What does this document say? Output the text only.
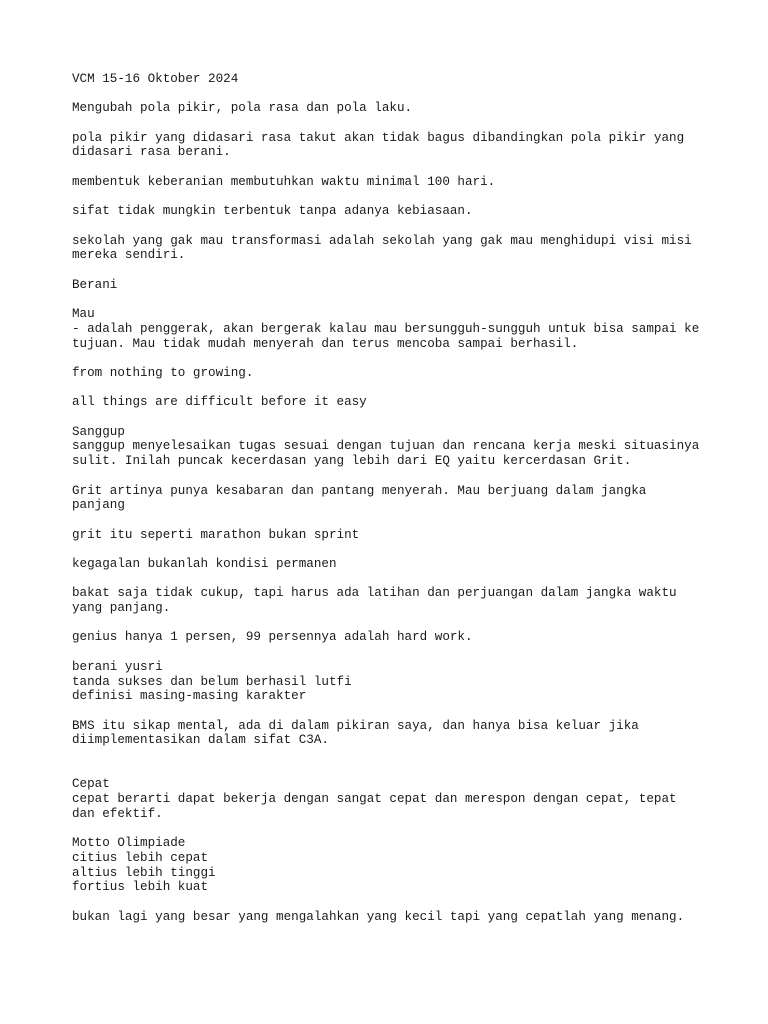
VCM 15-16 Oktober 2024

Mengubah pola pikir, pola rasa dan pola laku.

pola pikir yang didasari rasa takut akan tidak bagus dibandingkan pola pikir yang
didasari rasa berani.

membentuk keberanian membutuhkan waktu minimal 100 hari.

sifat tidak mungkin terbentuk tanpa adanya kebiasaan.

sekolah yang gak mau transformasi adalah sekolah yang gak mau menghidupi visi misi
mereka sendiri.

Berani

Mau
- adalah penggerak, akan bergerak kalau mau bersungguh-sungguh untuk bisa sampai ke
tujuan. Mau tidak mudah menyerah dan terus mencoba sampai berhasil.

from nothing to growing.

all things are difficult before it easy

Sanggup
sanggup menyelesaikan tugas sesuai dengan tujuan dan rencana kerja meski situasinya
sulit. Inilah puncak kecerdasan yang lebih dari EQ yaitu kercerdasan Grit.

Grit artinya punya kesabaran dan pantang menyerah. Mau berjuang dalam jangka
panjang

grit itu seperti marathon bukan sprint

kegagalan bukanlah kondisi permanen

bakat saja tidak cukup, tapi harus ada latihan dan perjuangan dalam jangka waktu
yang panjang.

genius hanya 1 persen, 99 persennya adalah hard work.

berani yusri
tanda sukses dan belum berhasil lutfi
definisi masing-masing karakter

BMS itu sikap mental, ada di dalam pikiran saya, dan hanya bisa keluar jika
diimplementasikan dalam sifat C3A.

Cepat
cepat berarti dapat bekerja dengan sangat cepat dan merespon dengan cepat, tepat
dan efektif.

Motto Olimpiade
citius lebih cepat
altius lebih tinggi
fortius lebih kuat

bukan lagi yang besar yang mengalahkan yang kecil tapi yang cepatlah yang menang.
